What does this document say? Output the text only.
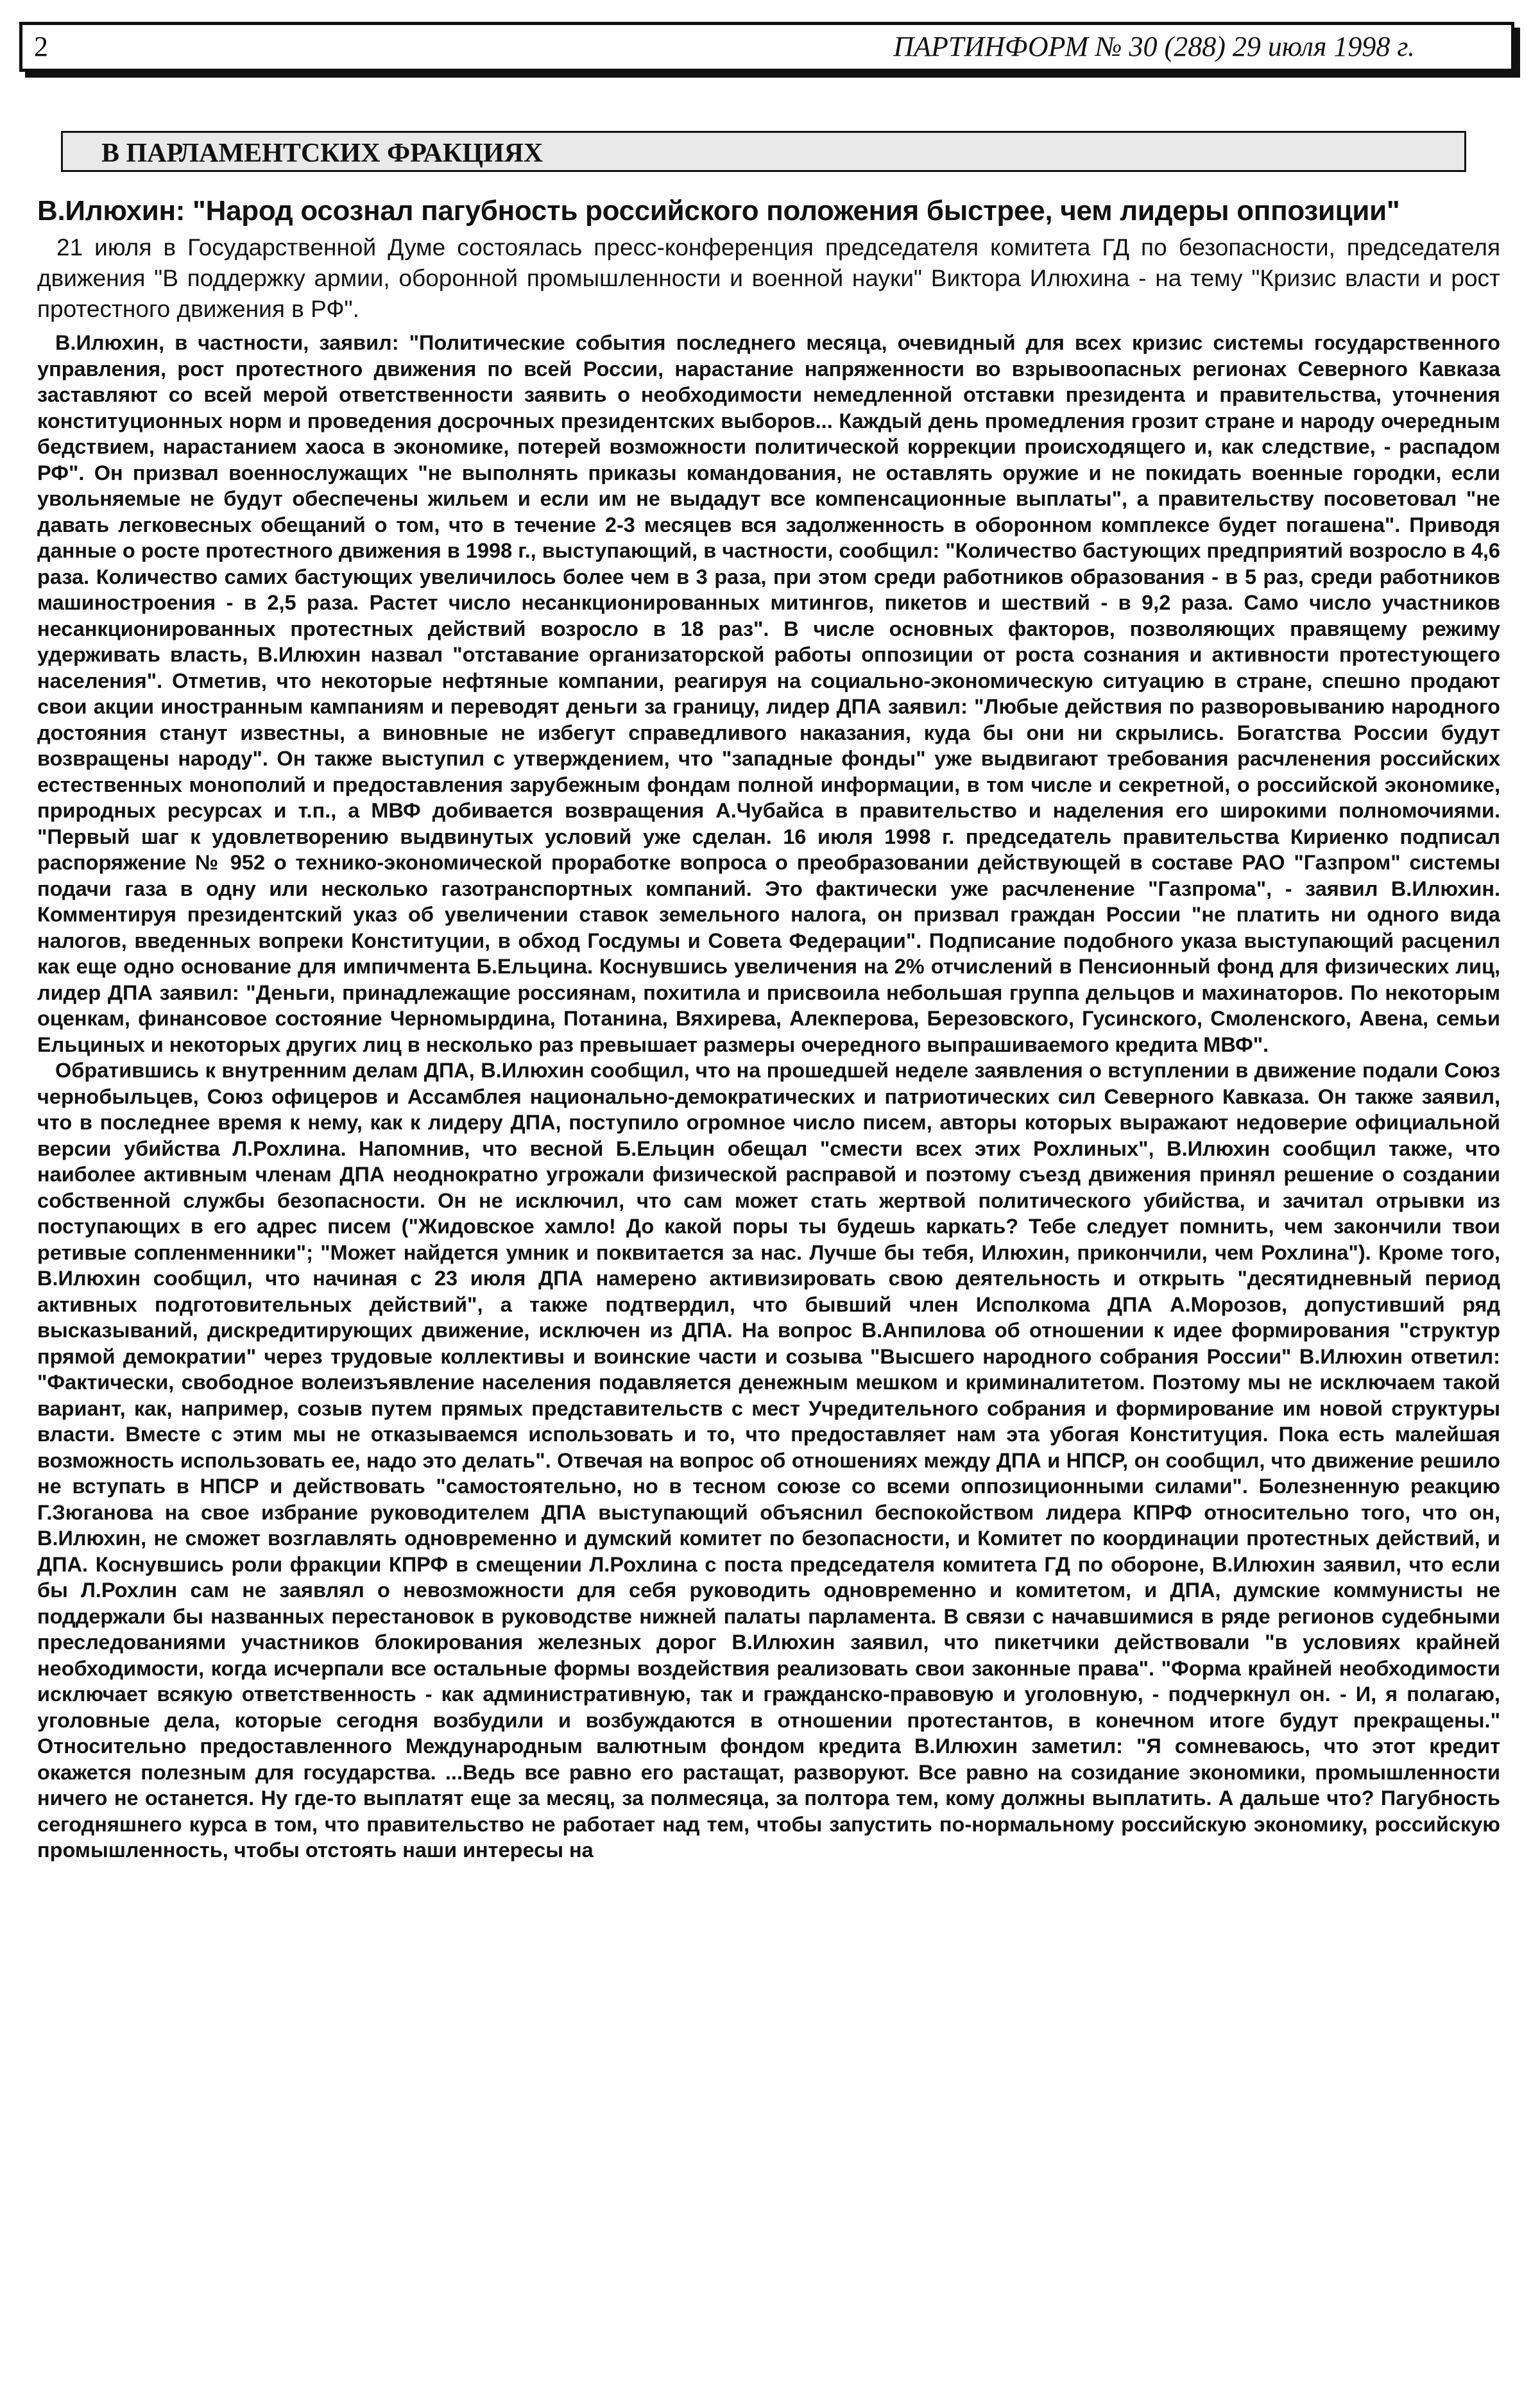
2	ПАРТИНФОРМ № 30 (288) 29 июля 1998 г.
В ПАРЛАМЕНТСКИХ ФРАКЦИЯХ

В.Илюхин: "Народ осознал пагубность российского положения быстрее, чем лидеры оппозиции"

21 июля в Государственной Думе состоялась пресс-конференция председателя комитета ГД по безопасности, председателя движения "В поддержку армии, оборонной промышленности и военной науки" Виктора Илюхина - на тему "Кризис власти и рост протестного движения в РФ".

В.Илюхин, в частности, заявил: "Политические события последнего месяца, очевидный для всех кризис системы государственного управления, рост протестного движения по всей России, нарастание напряженности во взрывоопасных регионах Северного Кавказа заставляют со всей мерой ответственности заявить о необходимости немедленной отставки президента и правительства, уточнения конституционных норм и проведения досрочных президентских выборов... Каждый день промедления грозит стране и народу очередным бедствием, нарастанием хаоса в экономике, потерей возможности политической коррекции происходящего и, как следствие, - распадом РФ". Он призвал военнослужащих "не выполнять приказы командования, не оставлять оружие и не покидать военные городки, если увольняемые не будут обеспечены жильем и если им не выдадут все компенсационные выплаты", а правительству посоветовал "не давать легковесных обещаний о том, что в течение 2-3 месяцев вся задолженность в оборонном комплексе будет погашена". Приводя данные о росте протестного движения в 1998 г., выступающий, в частности, сообщил: "Количество бастующих предприятий возросло в 4,6 раза. Количество самих бастующих увеличилось более чем в 3 раза, при этом среди работников образования - в 5 раз, среди работников машиностроения - в 2,5 раза. Растет число несанкционированных митингов, пикетов и шествий - в 9,2 раза. Само число участников несанкционированных протестных действий возросло в 18 раз". В числе основных факторов, позволяющих правящему режиму удерживать власть, В.Илюхин назвал "отставание организаторской работы оппозиции от роста сознания и активности протестующего населения". Отметив, что некоторые нефтяные компании, реагируя на социально-экономическую ситуацию в стране, спешно продают свои акции иностранным кампаниям и переводят деньги за границу, лидер ДПА заявил: "Любые действия по разворовыванию народного достояния станут известны, а виновные не избегут справедливого наказания, куда бы они ни скрылись. Богатства России будут возвращены народу". Он также выступил с утверждением, что "западные фонды" уже выдвигают требования расчленения российских естественных монополий и предоставления зарубежным фондам полной информации, в том числе и секретной, о российской экономике, природных ресурсах и т.п., а МВФ добивается возвращения А.Чубайса в правительство и наделения его широкими полномочиями. "Первый шаг к удовлетворению выдвинутых условий уже сделан. 16 июля 1998 г. председатель правительства Кириенко подписал распоряжение № 952 о технико-экономической проработке вопроса о преобразовании действующей в составе РАО "Газпром" системы подачи газа в одну или несколько газотранспортных компаний. Это фактически уже расчленение "Газпрома", - заявил В.Илюхин. Комментируя президентский указ об увеличении ставок земельного налога, он призвал граждан России "не платить ни одного вида налогов, введенных вопреки Конституции, в обход Госдумы и Совета Федерации". Подписание подобного указа выступающий расценил как еще одно основание для импичмента Б.Ельцина. Коснувшись увеличения на 2% отчислений в Пенсионный фонд для физических лиц, лидер ДПА заявил: "Деньги, принадлежащие россиянам, похитила и присвоила небольшая группа дельцов и махинаторов. По некоторым оценкам, финансовое состояние Черномырдина, Потанина, Вяхирева, Алекперова, Березовского, Гусинского, Смоленского, Авена, семьи Ельциных и некоторых других лиц в несколько раз превышает размеры очередного выпрашиваемого кредита МВФ".

Обратившись к внутренним делам ДПА, В.Илюхин сообщил, что на прошедшей неделе заявления о вступлении в движение подали Союз чернобыльцев, Союз офицеров и Ассамблея национально-демократических и патриотических сил Северного Кавказа. Он также заявил, что в последнее время к нему, как к лидеру ДПА, поступило огромное число писем, авторы которых выражают недоверие официальной версии убийства Л.Рохлина. Напомнив, что весной Б.Ельцин обещал "смести всех этих Рохлиных", В.Илюхин сообщил также, что наиболее активным членам ДПА неоднократно угрожали физической расправой и поэтому съезд движения принял решение о создании собственной службы безопасности. Он не исключил, что сам может стать жертвой политического убийства, и зачитал отрывки из поступающих в его адрес писем ("Жидовское хамло! До какой поры ты будешь каркать? Тебе следует помнить, чем закончили твои ретивые сопленменники"; "Может найдется умник и поквитается за нас. Лучше бы тебя, Илюхин, прикончили, чем Рохлина"). Кроме того, В.Илюхин сообщил, что начиная с 23 июля ДПА намерено активизировать свою деятельность и открыть "десятидневный период активных подготовительных действий", а также подтвердил, что бывший член Исполкома ДПА А.Морозов, допустивший ряд высказываний, дискредитирующих движение, исключен из ДПА. На вопрос В.Анпилова об отношении к идее формирования "структур прямой демократии" через трудовые коллективы и воинские части и созыва "Высшего народного собрания России" В.Илюхин ответил: "Фактически, свободное волеизъявление населения подавляется денежным мешком и криминалитетом. Поэтому мы не исключаем такой вариант, как, например, созыв путем прямых представительств с мест Учредительного собрания и формирование им новой структуры власти. Вместе с этим мы не отказываемся использовать и то, что предоставляет нам эта убогая Конституция. Пока есть малейшая возможность использовать ее, надо это делать". Отвечая на вопрос об отношениях между ДПА и НПСР, он сообщил, что движение решило не вступать в НПСР и действовать "самостоятельно, но в тесном союзе со всеми оппозиционными силами". Болезненную реакцию Г.Зюганова на свое избрание руководителем ДПА выступающий объяснил беспокойством лидера КПРФ относительно того, что он, В.Илюхин, не сможет возглавлять одновременно и думский комитет по безопасности, и Комитет по координации протестных действий, и ДПА. Коснувшись роли фракции КПРФ в смещении Л.Рохлина с поста председателя комитета ГД по обороне, В.Илюхин заявил, что если бы Л.Рохлин сам не заявлял о невозможности для себя руководить одновременно и комитетом, и ДПА, думские коммунисты не поддержали бы названных перестановок в руководстве нижней палаты парламента. В связи с начавшимися в ряде регионов судебными преследованиями участников блокирования железных дорог В.Илюхин заявил, что пикетчики действовали "в условиях крайней необходимости, когда исчерпали все остальные формы воздействия реализовать свои законные права". "Форма крайней необходимости исключает всякую ответственность - как административную, так и гражданско-правовую и уголовную, - подчеркнул он. - И, я полагаю, уголовные дела, которые сегодня возбудили и возбуждаются в отношении протестантов, в конечном итоге будут прекращены." Относительно предоставленного Международным валютным фондом кредита В.Илюхин заметил: "Я сомневаюсь, что этот кредит окажется полезным для государства. ...Ведь все равно его растащат, разворуют. Все равно на созидание экономики, промышленности ничего не останется. Ну где-то выплатят еще за месяц, за полмесяца, за полтора тем, кому должны выплатить. А дальше что? Пагубность сегодняшнего курса в том, что правительство не работает над тем, чтобы запустить по-нормальному российскую экономику, российскую промышленность, чтобы отстоять наши интересы на
